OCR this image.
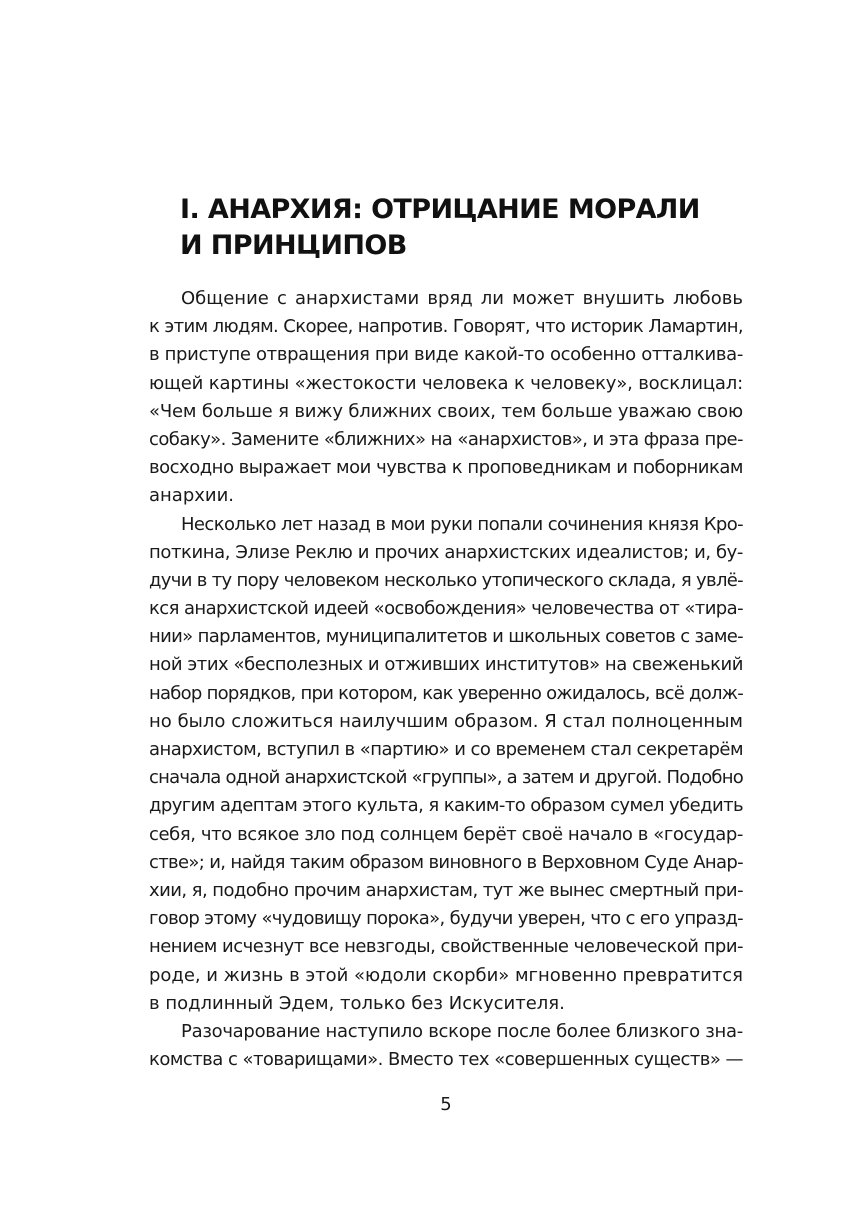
I. АНАРХИЯ: ОТРИЦАНИЕ МОРАЛИ
И ПРИНЦИПОВ
Общение с анархистами вряд ли может внушить любовь
к этим людям. Скорее, напротив. Говорят, что историк Ламартин,
в приступе отвращения при виде какой-то особенно отталкива-
ющей картины «жестокости человека к человеку», восклицал:
«Чем больше я вижу ближних своих, тем больше уважаю свою
собаку». Замените «ближних» на «анархистов», и эта фраза пре-
восходно выражает мои чувства к проповедникам и поборникам
анархии.
Несколько лет назад в мои руки попали сочинения князя Кро-
поткина, Элизе Реклю и прочих анархистских идеалистов; и, бу-
дучи в ту пору человеком несколько утопического склада, я увлё-
кся анархистской идеей «освобождения» человечества от «тира-
нии» парламентов, муниципалитетов и школьных советов с заме-
ной этих «бесполезных и отживших институтов» на свеженький
набор порядков, при котором, как уверенно ожидалось, всё долж-
но было сложиться наилучшим образом. Я стал полноценным
анархистом, вступил в «партию» и со временем стал секретарём
сначала одной анархистской «группы», а затем и другой. Подобно
другим адептам этого культа, я каким-то образом сумел убедить
себя, что всякое зло под солнцем берёт своё начало в «государ-
стве»; и, найдя таким образом виновного в Верховном Суде Анар-
хии, я, подобно прочим анархистам, тут же вынес смертный при-
говор этому «чудовищу порока», будучи уверен, что с его упразд-
нением исчезнут все невзгоды, свойственные человеческой при-
роде, и жизнь в этой «юдоли скорби» мгновенно превратится
в подлинный Эдем, только без Искусителя.
Разочарование наступило вскоре после более близкого зна-
комства с «товарищами». Вместо тех «совершенных существ» —
5
